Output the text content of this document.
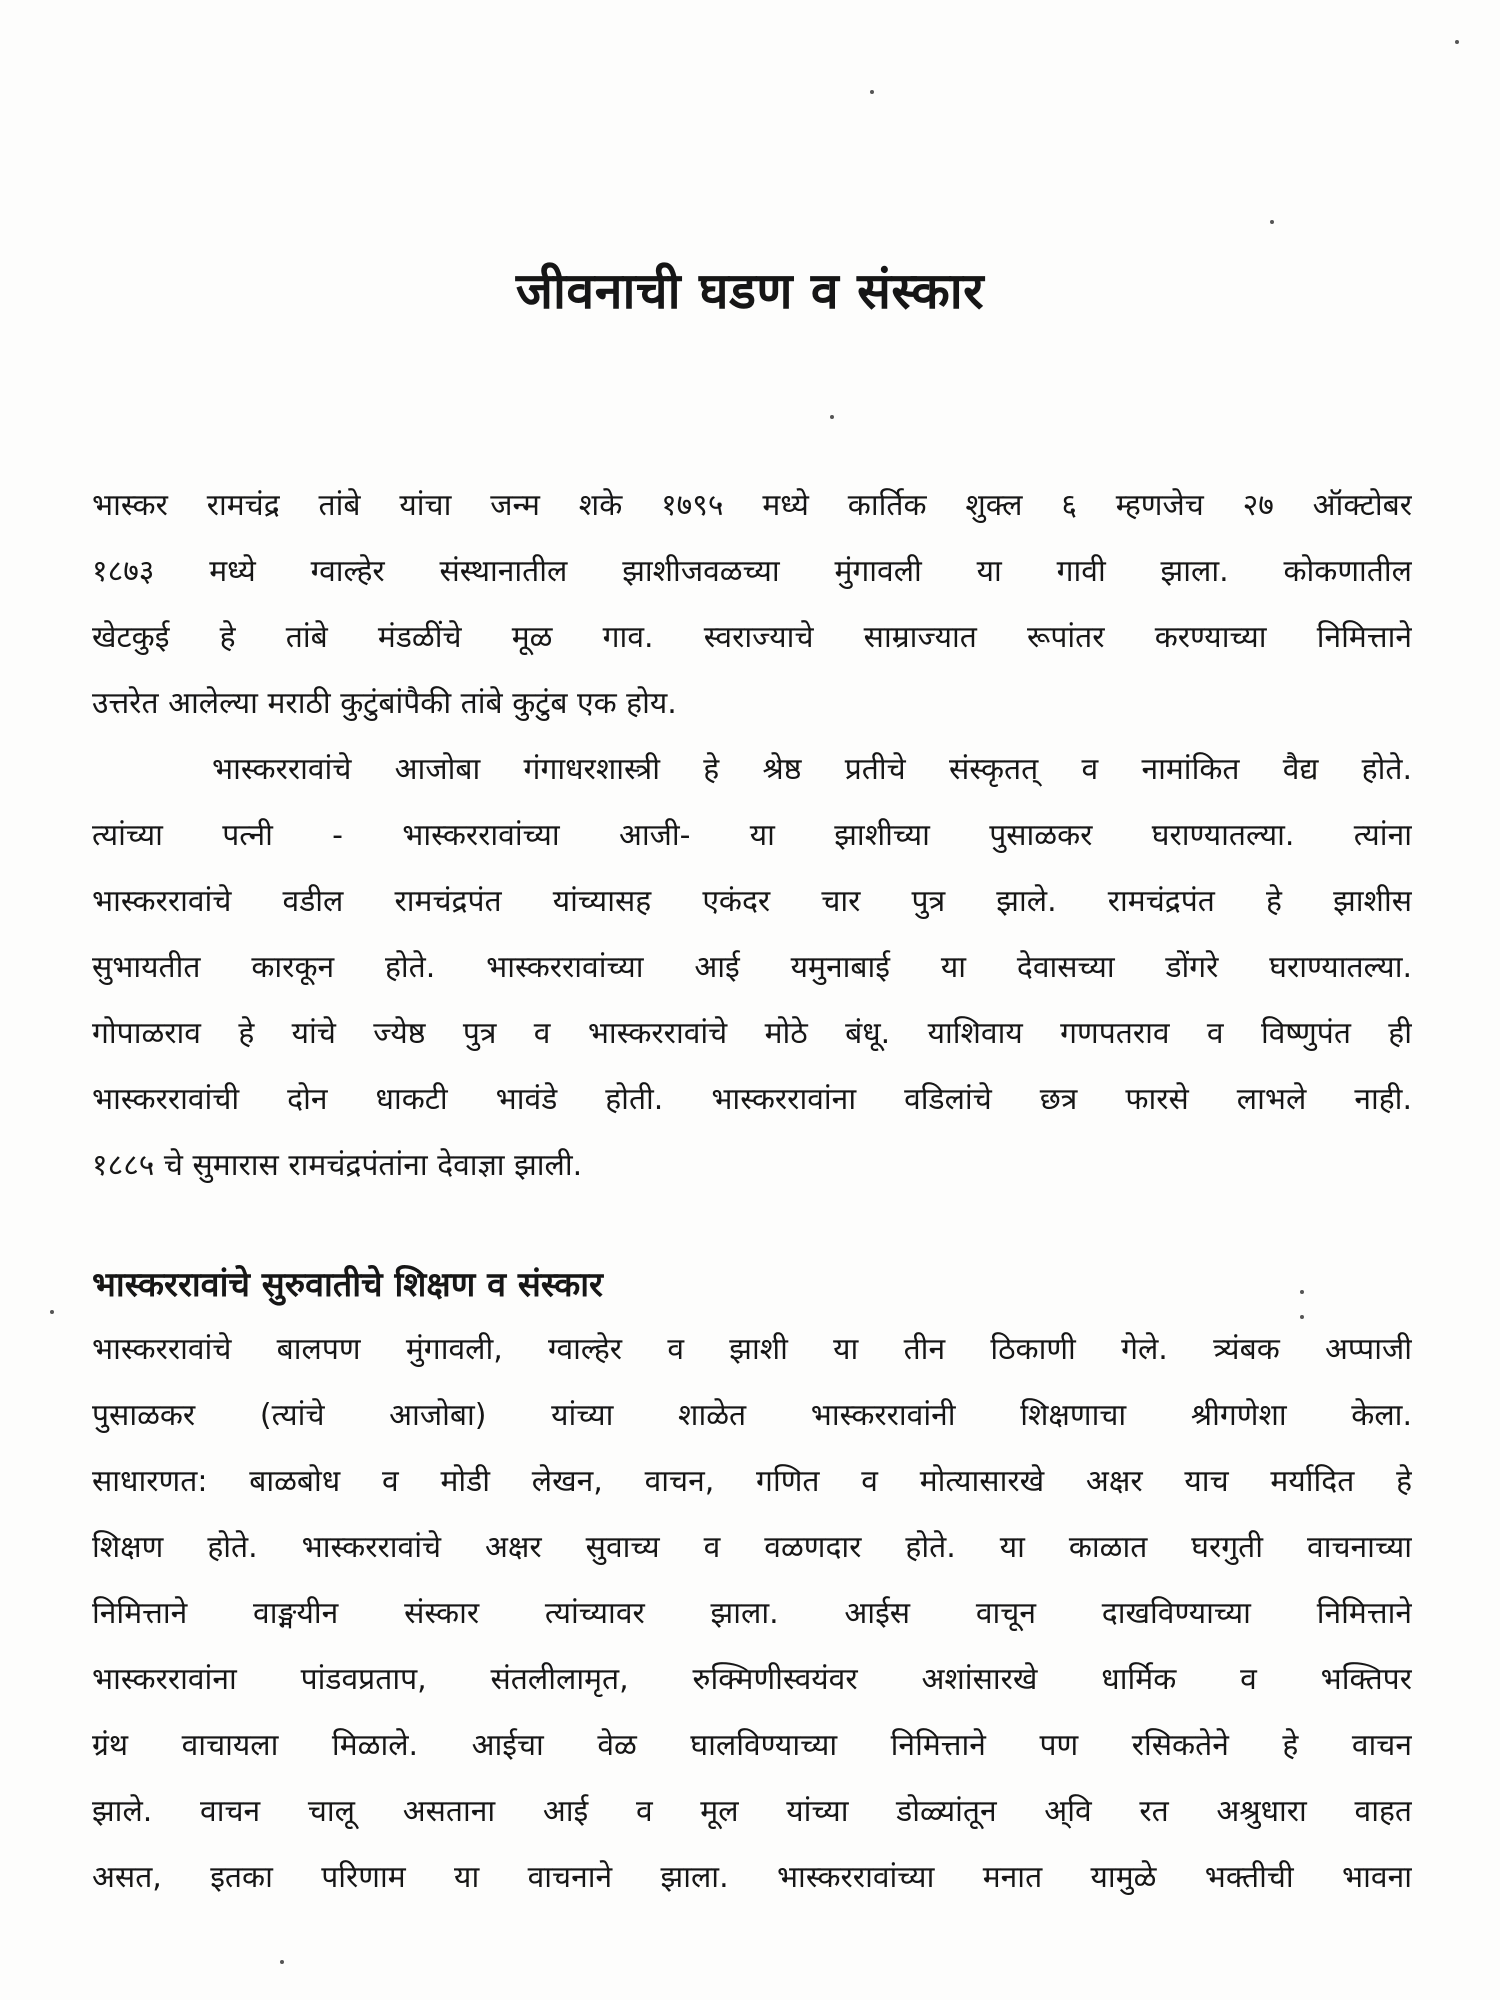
जीवनाची घडण व संस्कार
भास्कर रामचंद्र तांबे यांचा जन्म शके १७९५ मध्ये कार्तिक शुक्ल ६ म्हणजेच २७ ऑक्टोबर
१८७३ मध्ये ग्वाल्हेर संस्थानातील झाशीजवळच्या मुंगावली या गावी झाला. कोकणातील
खेटकुई हे तांबे मंडळींचे मूळ गाव. स्वराज्याचे साम्राज्यात रूपांतर करण्याच्या निमित्ताने
उत्तरेत आलेल्या मराठी कुटुंबांपैकी तांबे कुटुंब एक होय.
भास्कररावांचे आजोबा गंगाधरशास्त्री हे श्रेष्ठ प्रतीचे संस्कृतत् व नामांकित वैद्य होते.
त्यांच्या पत्नी - भास्कररावांच्या आजी- या झाशीच्या पुसाळकर घराण्यातल्या. त्यांना
भास्कररावांचे वडील रामचंद्रपंत यांच्यासह एकंदर चार पुत्र झाले. रामचंद्रपंत हे झाशीस
सुभायतीत कारकून होते. भास्कररावांच्या आई यमुनाबाई या देवासच्या डोंगरे घराण्यातल्या.
गोपाळराव हे यांचे ज्येष्ठ पुत्र व भास्कररावांचे मोठे बंधू. याशिवाय गणपतराव व विष्णुपंत ही
भास्कररावांची दोन धाकटी भावंडे होती. भास्कररावांना वडिलांचे छत्र फारसे लाभले नाही.
१८८५ चे सुमारास रामचंद्रपंतांना देवाज्ञा झाली.
भास्कररावांचे सुरुवातीचे शिक्षण व संस्कार
भास्कररावांचे बालपण मुंगावली, ग्वाल्हेर व झाशी या तीन ठिकाणी गेले. त्र्यंबक अप्पाजी
पुसाळकर (त्यांचे आजोबा) यांच्या शाळेत भास्कररावांनी शिक्षणाचा श्रीगणेशा केला.
साधारणत: बाळबोध व मोडी लेखन, वाचन, गणित व मोत्यासारखे अक्षर याच मर्यादित हे
शिक्षण होते. भास्कररावांचे अक्षर सुवाच्य व वळणदार होते. या काळात घरगुती वाचनाच्या
निमित्ताने वाङ्मयीन संस्कार त्यांच्यावर झाला. आईस वाचून दाखविण्याच्या निमित्ताने
भास्कररावांना पांडवप्रताप, संतलीलामृत, रुक्मिणीस्वयंवर अशांसारखे धार्मिक व भक्तिपर
ग्रंथ वाचायला मिळाले. आईचा वेळ घालविण्याच्या निमित्ताने पण रसिकतेने हे वाचन
झाले. वाचन चालू असताना आई व मूल यांच्या डोळ्यांतून अ्वि रत अश्रुधारा वाहत
असत, इतका परिणाम या वाचनाने झाला. भास्कररावांच्या मनात यामुळे भक्तीची भावना
